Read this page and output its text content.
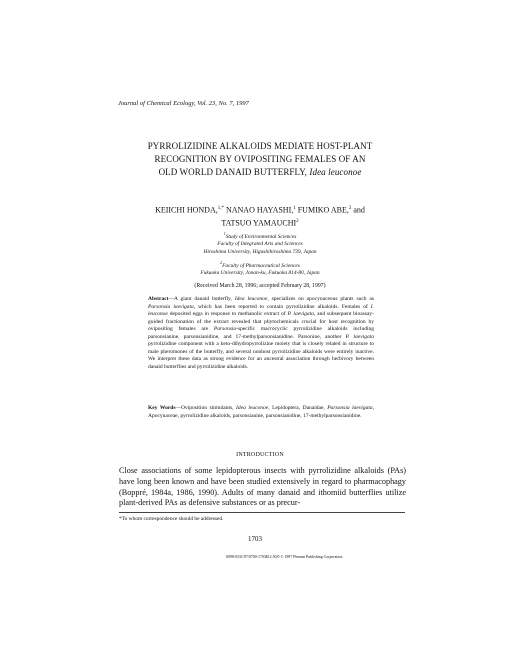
Journal of Chemical Ecology, Vol. 23, No. 7, 1997
PYRROLIZIDINE ALKALOIDS MEDIATE HOST-PLANT
RECOGNITION BY OVIPOSITING FEMALES OF AN
OLD WORLD DANAID BUTTERFLY, Idea leuconoe
KEIICHI HONDA,$^{1,*}$ NANAO HAYASHI,$^1$ FUMIKO ABE,$^2$ and
TATSUO YAMAUCHI$^2$
$^1$Study of Environmental Sciences
Faculty of Integrated Arts and Sciences
Hiroshima University, Higashihiroshima 739, Japan
$^2$Faculty of Pharmaceutical Sciences
Fukuoka University, Jonan-ku, Fukuoka 814-80, Japan
(Received March 28, 1996; accepted February 28, 1997)
Abstract—A giant danaid butterfly, Idea leuconoe, specializes on apocynaceous plants such as Parsonsia laevigata, which has been reported to contain pyrrolizidine alkaloids. Females of I. leuconoe deposited eggs in response to methanolic extract of P. laevigata, and subsequent bioassay-guided fractionation of the extract revealed that phytochemicals crucial for host recognition by ovipositing females are Parsonsia-specific macrocyclic pyrrolizidine alkaloids including parsonsianine, parsonsianidine, and 17-methylparsonsianidine. Parsonine, another P. laevigata pyrrolizidine component with a keto-dihydropyrrolizine moiety that is closely related in structure to male pheromones of the butterfly, and several nonhost pyrrolizidine alkaloids were entirely inactive. We interpret these data as strong evidence for an ancestral association through herbivory between danaid butterflies and pyrrolizidine alkaloids.
Key Words—Oviposition stimulants, Idea leuconoe, Lepidoptera, Danaidae, Parsonsia laevigata, Apocynaceae, pyrrolizidine alkaloids, parsonsianine, parsonsianidine, 17-methylparsonsianidine.
INTRODUCTION
Close associations of some lepidopterous insects with pyrrolizidine alkaloids (PAs) have long been known and have been studied extensively in regard to pharmacophagy (Boppré, 1984a, 1986, 1990). Adults of many danaid and ithomiid butterflies utilize plant-derived PAs as defensive substances or as precur-
*To whom correspondence should be addressed.
1703
0098-0331/97/0700-1703$12.50/0 © 1997 Plenum Publishing Corporation
